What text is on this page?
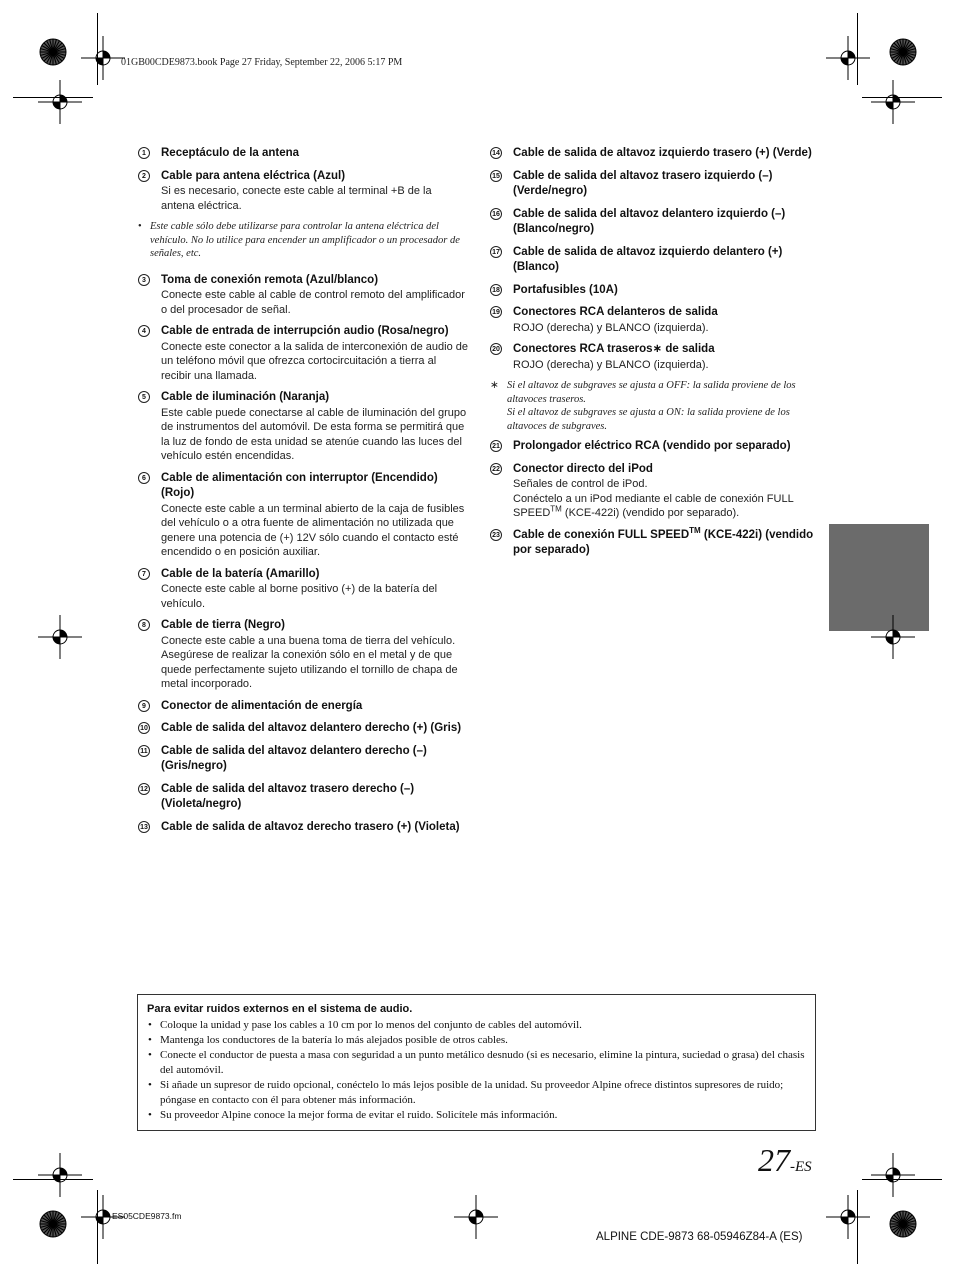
01GB00CDE9873.book Page 27 Friday, September 22, 2006 5:17 PM
1	Receptáculo de la antena
2	Cable para antena eléctrica (Azul)
Si es necesario, conecte este cable al terminal +B de la antena eléctrica.
• Este cable sólo debe utilizarse para controlar la antena eléctrica del vehículo. No lo utilice para encender un amplificador o un procesador de señales, etc.
3	Toma de conexión remota (Azul/blanco)
Conecte este cable al cable de control remoto del amplificador o del procesador de señal.
4	Cable de entrada de interrupción audio (Rosa/negro)
Conecte este conector a la salida de interconexión de audio de un teléfono móvil que ofrezca cortocircuitación a tierra al recibir una llamada.
5	Cable de iluminación (Naranja)
Este cable puede conectarse al cable de iluminación del grupo de instrumentos del automóvil. De esta forma se permitirá que la luz de fondo de esta unidad se atenúe cuando las luces del vehículo estén encendidas.
6	Cable de alimentación con interruptor (Encendido) (Rojo)
Conecte este cable a un terminal abierto de la caja de fusibles del vehículo o a otra fuente de alimentación no utilizada que genere una potencia de (+) 12V sólo cuando el contacto esté encendido o en posición auxiliar.
7	Cable de la batería (Amarillo)
Conecte este cable al borne positivo (+) de la batería del vehículo.
8	Cable de tierra (Negro)
Conecte este cable a una buena toma de tierra del vehículo. Asegúrese de realizar la conexión sólo en el metal y de que quede perfectamente sujeto utilizando el tornillo de chapa de metal incorporado.
9	Conector de alimentación de energía
10 Cable de salida del altavoz delantero derecho (+) (Gris)
11 Cable de salida del altavoz delantero derecho (–) (Gris/negro)
12 Cable de salida del altavoz trasero derecho (–) (Violeta/negro)
13 Cable de salida de altavoz derecho trasero (+) (Violeta)
14 Cable de salida de altavoz izquierdo trasero (+) (Verde)
15 Cable de salida del altavoz trasero izquierdo (–) (Verde/negro)
16 Cable de salida del altavoz delantero izquierdo (–) (Blanco/negro)
17 Cable de salida de altavoz izquierdo delantero (+) (Blanco)
18 Portafusibles (10A)
19 Conectores RCA delanteros de salida
ROJO (derecha) y BLANCO (izquierda).
20 Conectores RCA traseros∗ de salida
ROJO (derecha) y BLANCO (izquierda).
∗ Si el altavoz de subgraves se ajusta a OFF: la salida proviene de los altavoces traseros.
Si el altavoz de subgraves se ajusta a ON: la salida proviene de los altavoces de subgraves.
21 Prolongador eléctrico RCA (vendido por separado)
22 Conector directo del iPod
Señales de control de iPod.
Conéctelo a un iPod mediante el cable de conexión FULL SPEED™ (KCE-422i) (vendido por separado).
23 Cable de conexión FULL SPEED™ (KCE-422i) (vendido por separado)
Para evitar ruidos externos en el sistema de audio.
• Coloque la unidad y pase los cables a 10 cm por lo menos del conjunto de cables del automóvil.
• Mantenga los conductores de la batería lo más alejados posible de otros cables.
• Conecte el conductor de puesta a masa con seguridad a un punto metálico desnudo (si es necesario, elimine la pintura, suciedad o grasa) del chasis del automóvil.
• Si añade un supresor de ruido opcional, conéctelo lo más lejos posible de la unidad. Su proveedor Alpine ofrece distintos supresores de ruido; póngase en contacto con él para obtener más información.
• Su proveedor Alpine conoce la mejor forma de evitar el ruido. Solicítele más información.
27-ES
ES05CDE9873.fm
ALPINE CDE-9873 68-05946Z84-A (ES)
